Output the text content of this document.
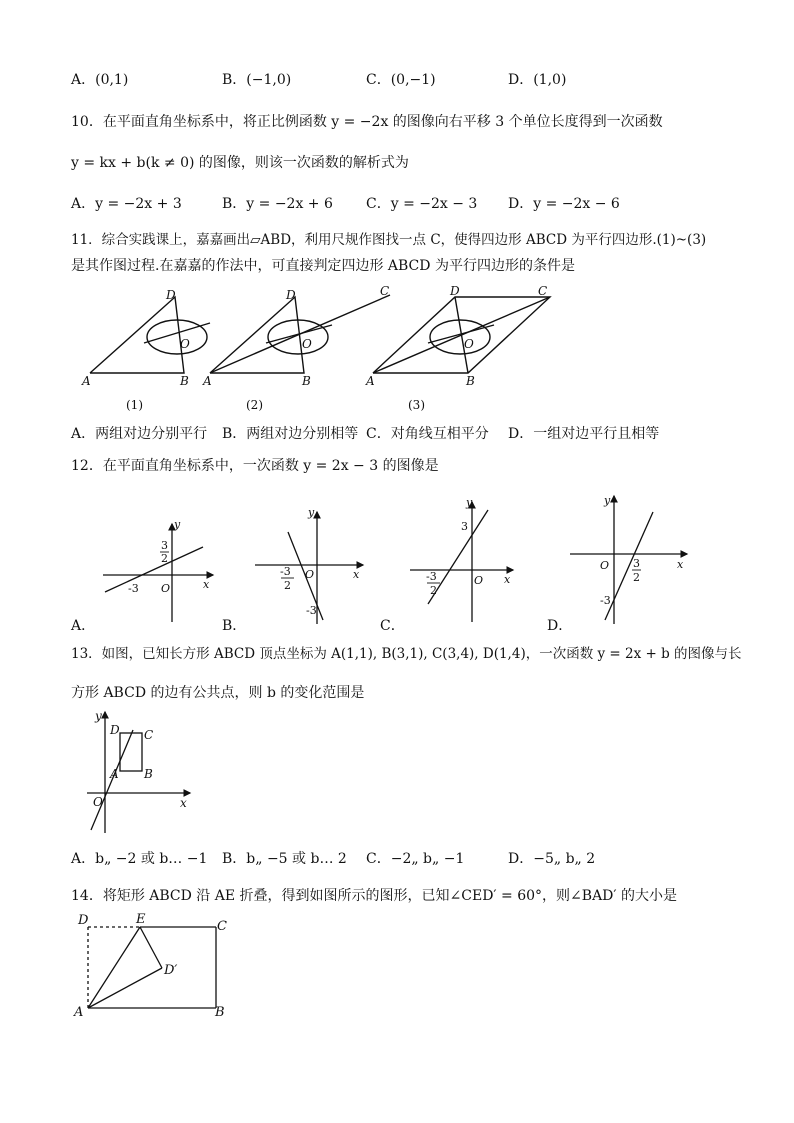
A．(0,1)	B．(−1,0)	C．(0,−1)	D．(1,0)
10．在平面直角坐标系中，将正比例函数 y = −2x 的图像向右平移 3 个单位长度得到一次函数
y = kx + b(k ≠ 0) 的图像，则该一次函数的解析式为
A．y = −2x + 3	B．y = −2x + 6 C．y = −2x − 3 D．y = −2x − 6
11．综合实践课上，嘉嘉画出▱ABD，利用尺规作图找一点 C，使得四边形 ABCD 为平行四边形.(1)~(3)
是其作图过程.在嘉嘉的作法中，可直接判定四边形 ABCD 为平行四边形的条件是
A	B
D
O
A	B
D
O
C
A	B
D
O
C
(1)	(2)	(3)
A．两组对边分别平行 B．两组对边分别相等 C．对角线互相平分 D．一组对边平行且相等
12．在平面直角坐标系中，一次函数 y = 2x − 3 的图像是
y
x
O
3
2
-3
y
x
O
-3
2
-3
y
x
O
3
-3
2
y
x
O 3
2
-3
A．	B．	C．	D．
13．如图，已知长方形 ABCD 顶点坐标为 A(1,1), B(3,1), C(3,4), D(1,4)，一次函数 y = 2x + b 的图像与长
方形 ABCD 的边有公共点，则 b 的变化范围是
y
x
O
A B
C
D
A．b„ −2 或 b… −1 B．b„ −5 或 b… 2 C．−2„ b„ −1	D．−5„ b„ 2
14．将矩形 ABCD 沿 AE 折叠，得到如图所示的图形，已知∠CED′ = 60°，则∠BAD′ 的大小是
D	E	C
D′
A	B
